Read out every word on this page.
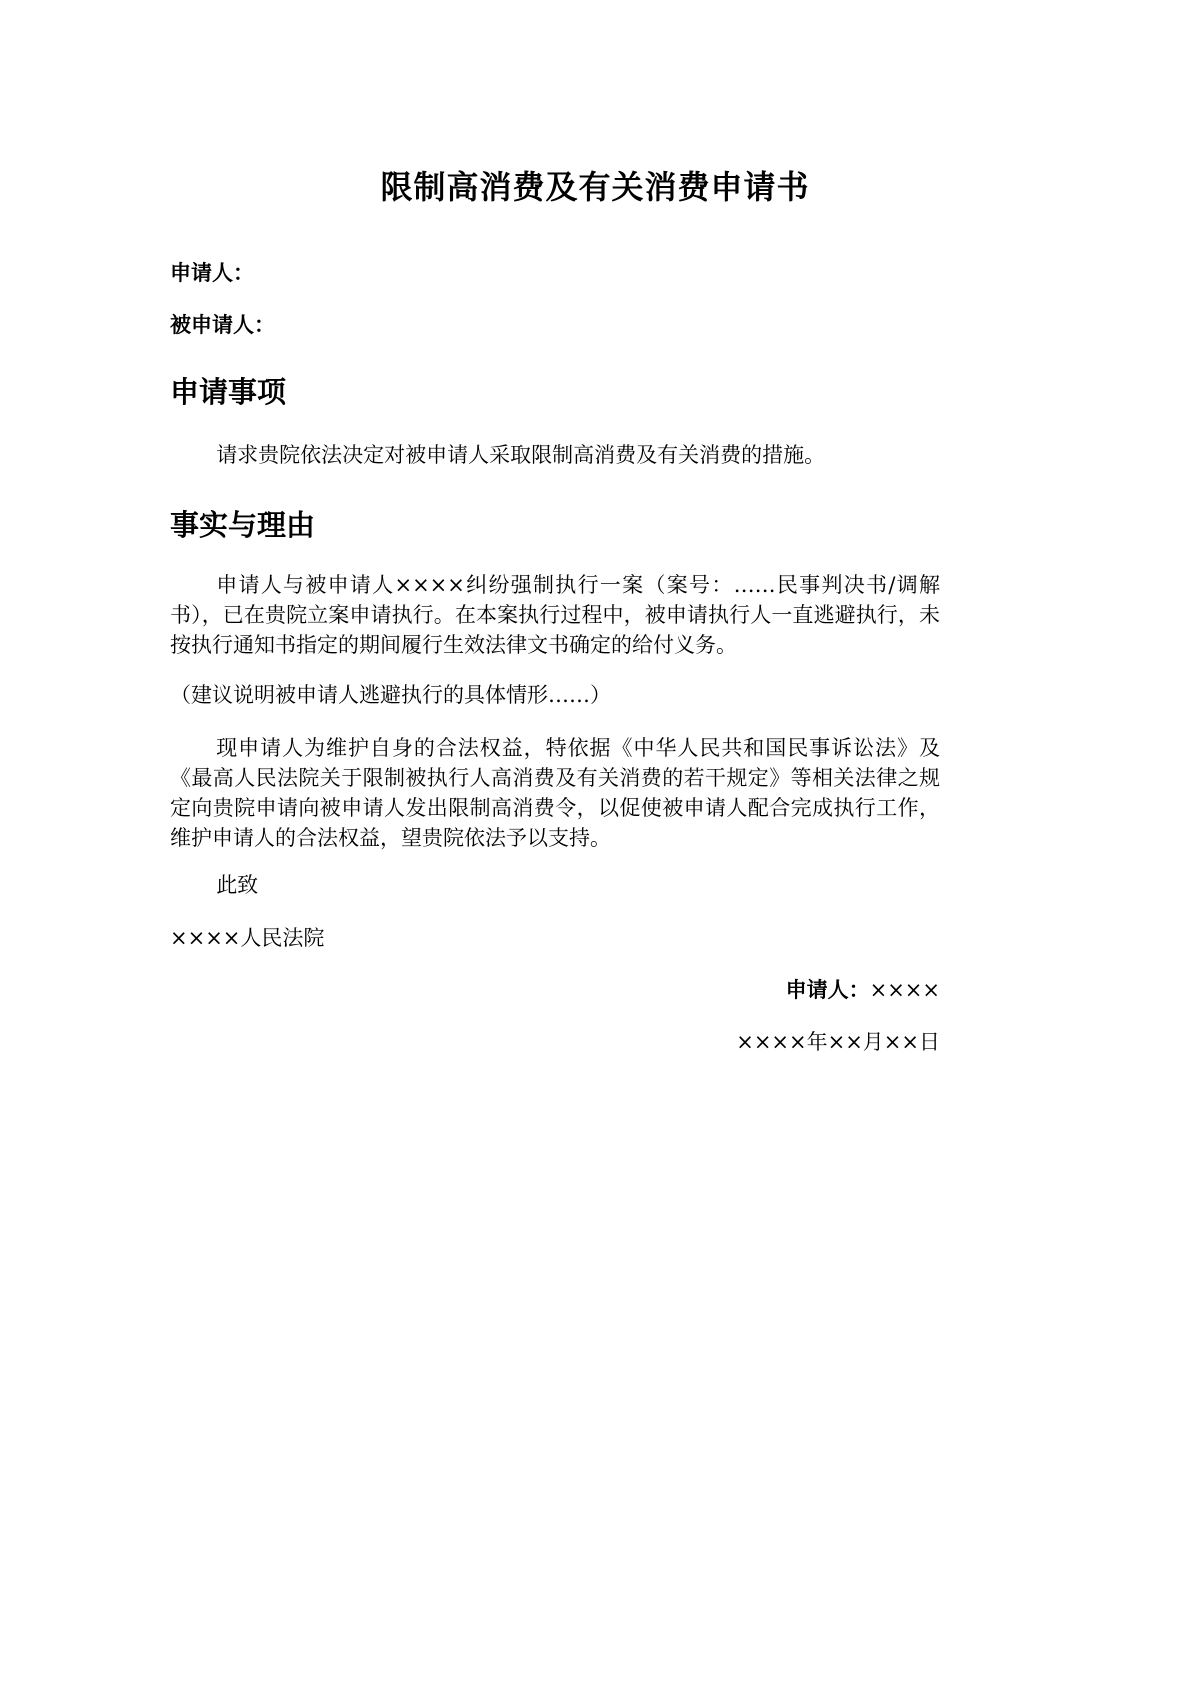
限制高消费及有关消费申请书
申请人：
被申请人：
申请事项
请求贵院依法决定对被申请人采取限制高消费及有关消费的措施。
事实与理由
申请人与被申请人××××纠纷强制执行一案（案号：……民事判决书/调解书），已在贵院立案申请执行。在本案执行过程中，被申请执行人一直逃避执行，未按执行通知书指定的期间履行生效法律文书确定的给付义务。
（建议说明被申请人逃避执行的具体情形……）
现申请人为维护自身的合法权益，特依据《中华人民共和国民事诉讼法》及《最高人民法院关于限制被执行人高消费及有关消费的若干规定》等相关法律之规定向贵院申请向被申请人发出限制高消费令，以促使被申请人配合完成执行工作，维护申请人的合法权益，望贵院依法予以支持。
此致
××××人民法院
申请人：××××
××××年××月××日
